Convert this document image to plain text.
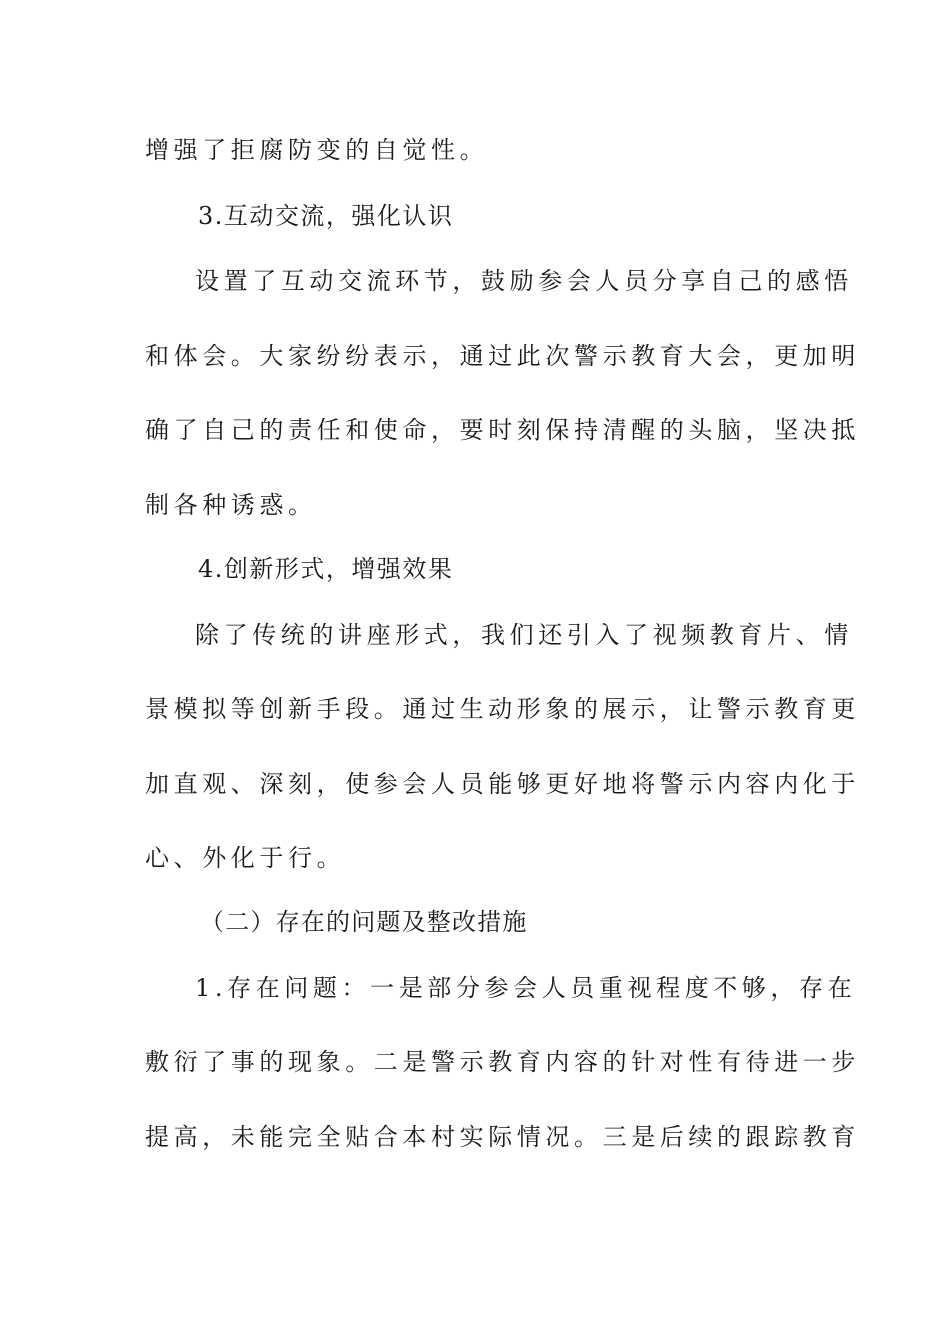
增强了拒腐防变的自觉性。
3.互动交流，强化认识
设置了互动交流环节，鼓励参会人员分享自己的感悟
和体会。大家纷纷表示，通过此次警示教育大会，更加明
确了自己的责任和使命，要时刻保持清醒的头脑，坚决抵
制各种诱惑。
4.创新形式，增强效果
除了传统的讲座形式，我们还引入了视频教育片、情
景模拟等创新手段。通过生动形象的展示，让警示教育更
加直观、深刻，使参会人员能够更好地将警示内容内化于
心、外化于行。
（二）存在的问题及整改措施
1.存在问题：一是部分参会人员重视程度不够，存在
敷衍了事的现象。二是警示教育内容的针对性有待进一步
提高，未能完全贴合本村实际情况。三是后续的跟踪教育
